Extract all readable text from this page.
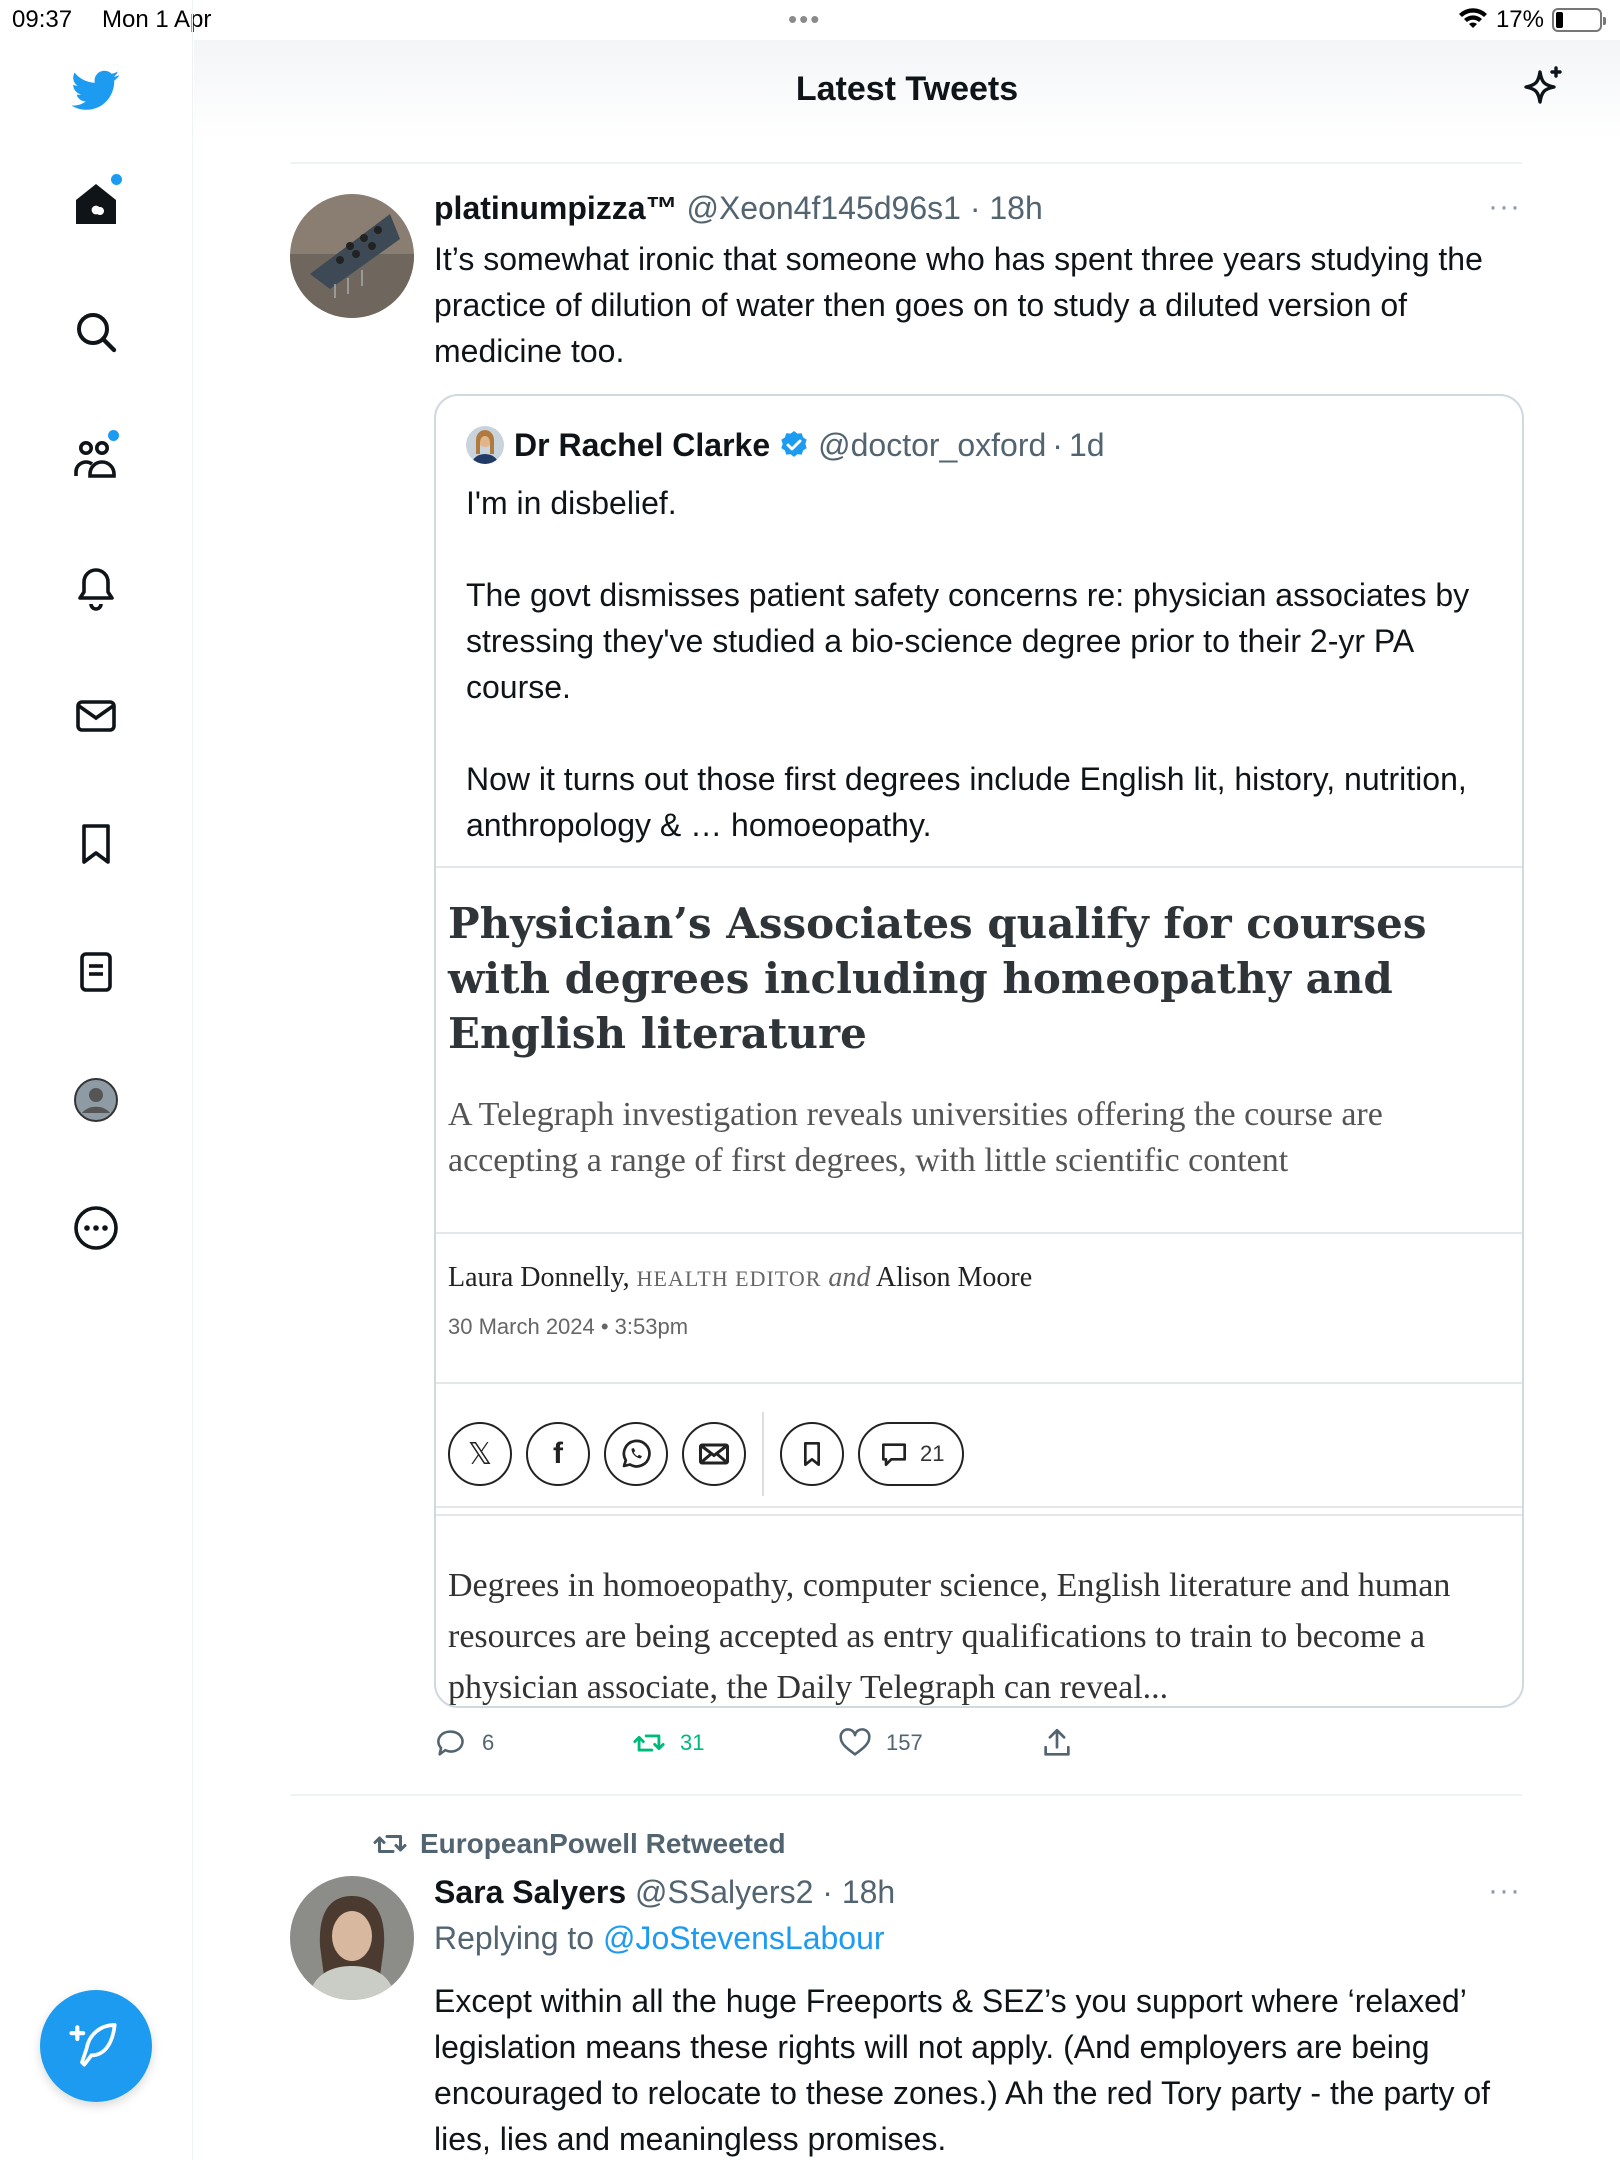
09:37 Mon 1 Apr	•••	17%
Latest Tweets
platinumpizza™ @Xeon4f145d96s1 · 18h	···
It’s somewhat ironic that someone who has spent three years studying the practice of dilution of water then goes on to study a diluted version of medicine too.
Dr Rachel Clarke @doctor_oxford · 1d

I'm in disbelief.

The govt dismisses patient safety concerns re: physician associates by stressing they've studied a bio-science degree prior to their 2-yr PA course.

Now it turns out those first degrees include English lit, history, nutrition, anthropology & … homoeopathy.

Physician’s Associates qualify for courses with degrees including homeopathy and English literature
A Telegraph investigation reveals universities offering the course are accepting a range of first degrees, with little scientific content
Laura Donnelly, HEALTH EDITOR and Alison Moore
30 March 2024 • 3:53pm
𝕏 f	21
Degrees in homoeopathy, computer science, English literature and human resources are being accepted as entry qualifications to train to become a physician associate, the Daily Telegraph can reveal...
6	31	157
EuropeanPowell Retweeted
Sara Salyers @SSalyers2 · 18h	···
Replying to @JoStevensLabour
Except within all the huge Freeports & SEZ’s you support where ‘relaxed’ legislation means these rights will not apply. (And employers are being encouraged to relocate to these zones.) Ah the red Tory party - the party of lies, lies and meaningless promises.
